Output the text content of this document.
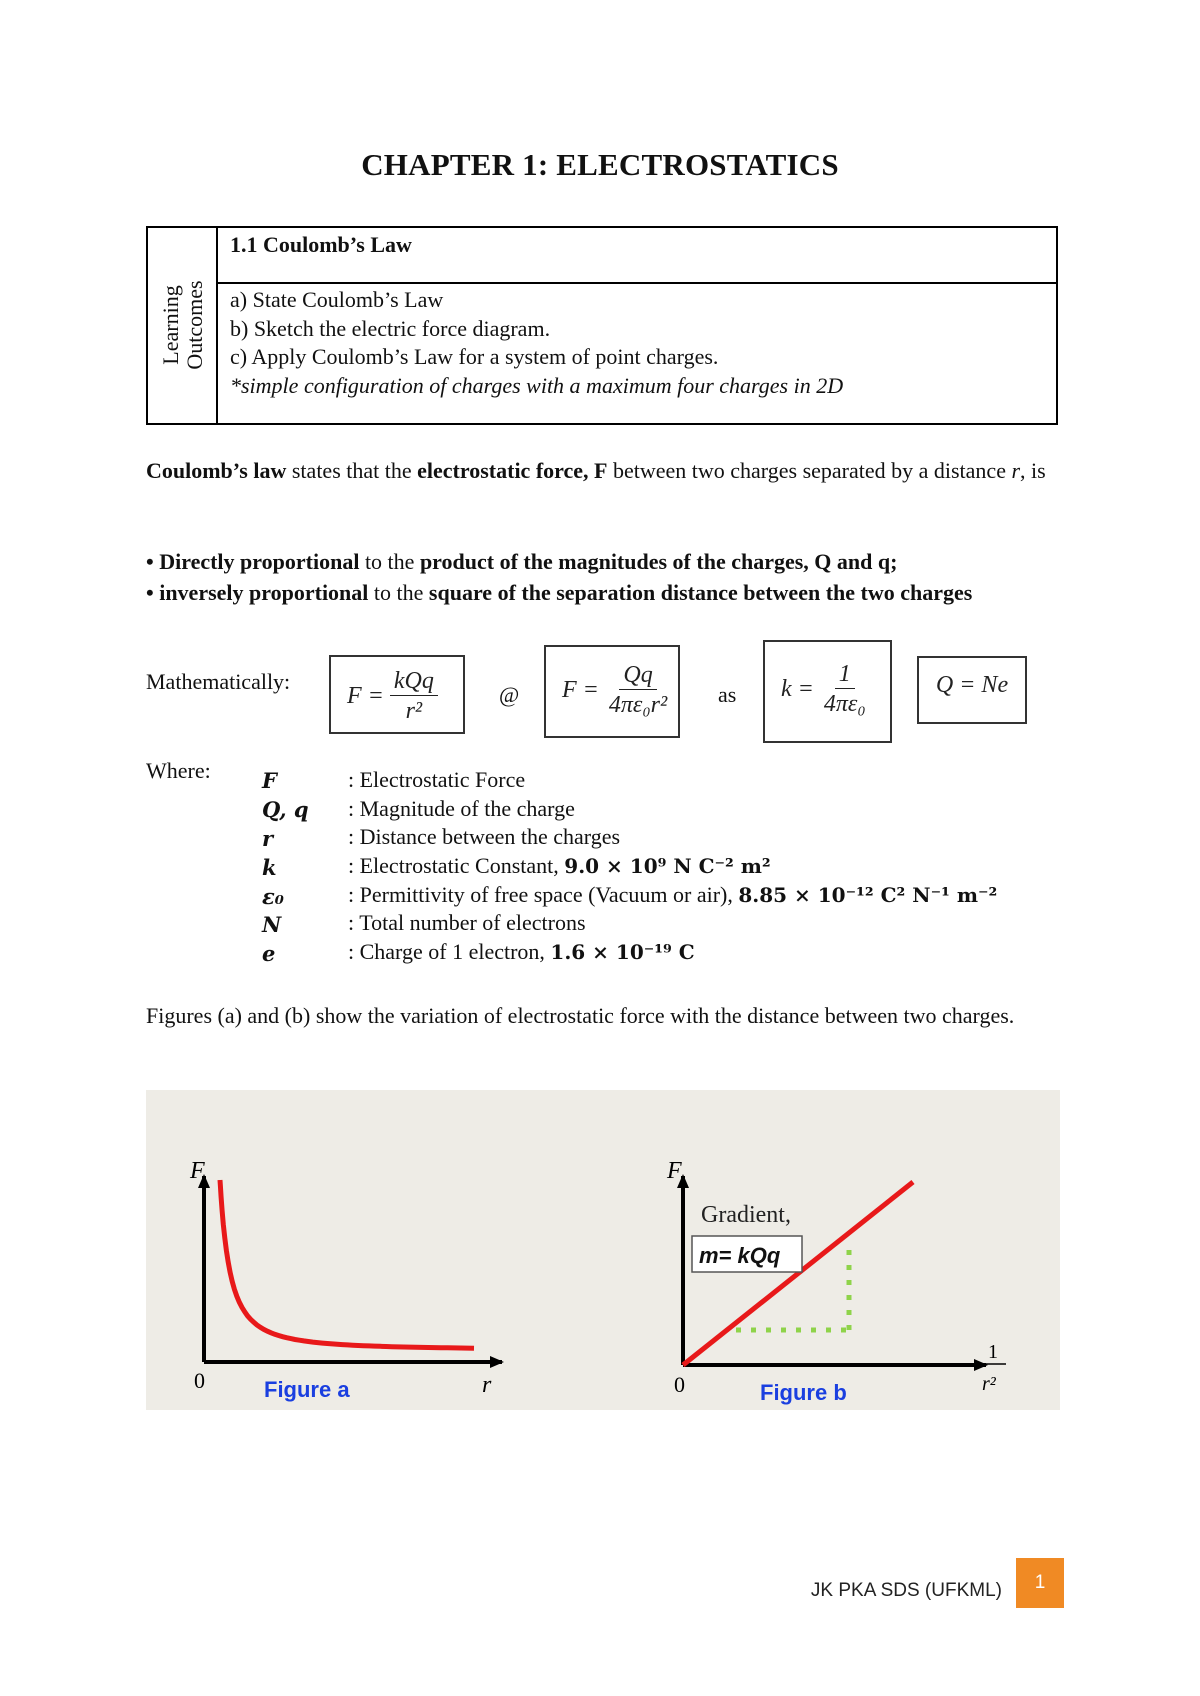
CHAPTER 1: ELECTROSTATICS
Learning Outcomes
1.1 Coulomb’s Law
a) State Coulomb’s Law
b) Sketch the electric force diagram.
c) Apply Coulomb’s Law for a system of point charges.
*simple configuration of charges with a maximum four charges in 2D
Coulomb’s law states that the electrostatic force, F between two charges separated by a distance r, is
• Directly proportional to the product of the magnitudes of the charges, Q and q;
• inversely proportional to the square of the separation distance between the two charges
Mathematically:
$F = \frac{\text{kQq}}{\text{r²}}$	@ $F = \frac{Qq}{\text{4πε₀r²}}$ as $k = \frac{1}{\text{4πε₀}}$	Q = Ne
Where: F	: Electrostatic Force
Q, q : Magnitude of the charge
r	: Distance between the charges
k	: Electrostatic Constant, 9.0 × 10⁹ N C⁻² m²
ε₀	: Permittivity of free space (Vacuum or air), 8.85 × 10⁻¹² C² N⁻¹ m⁻²
N	: Total number of electrons
e	: Charge of 1 electron, 1.6 × 10⁻¹⁹ C
Figures (a) and (b) show the variation of electrostatic force with the distance between two charges.
F
r
0	Figure a
Gradient,
m= kQq
F
0
1
r²
Figure b
JK PKA SDS (UFKML)	1
